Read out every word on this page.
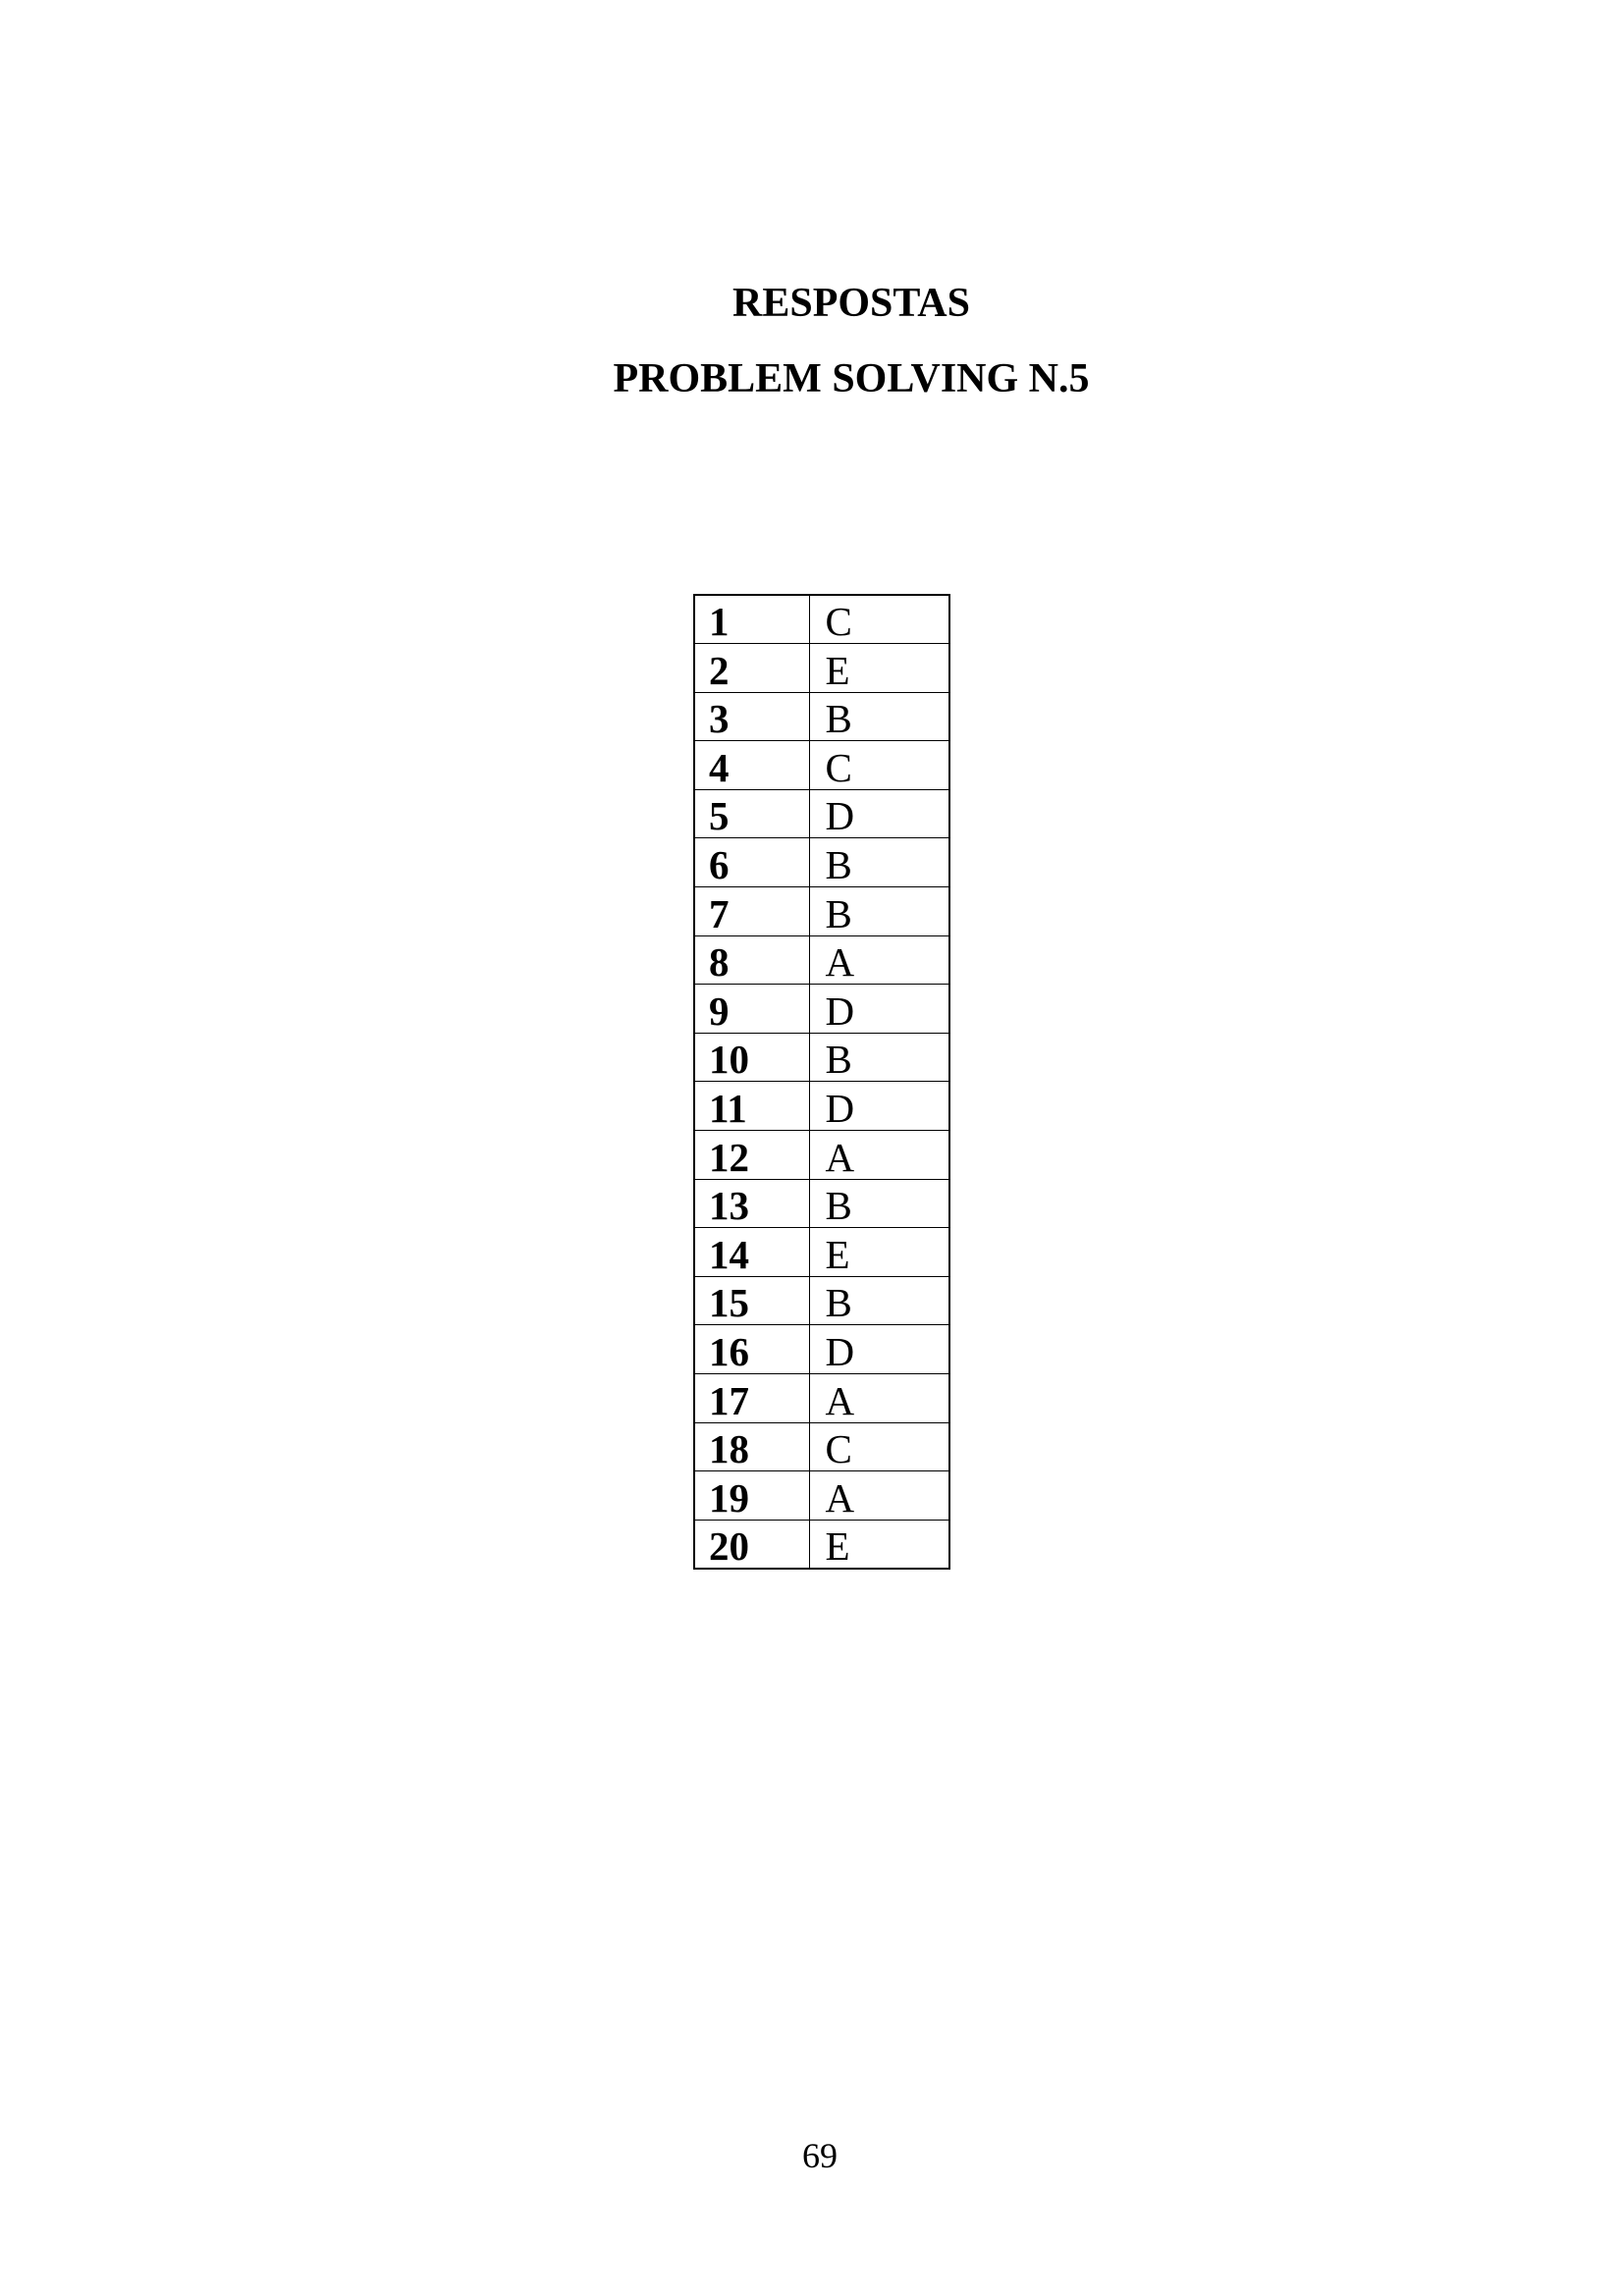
RESPOSTAS
PROBLEM SOLVING N.5
1	C
2	E
3	B
4	C
5	D
6	B
7	B
8	A
9	D
10	B
11	D
12	A
13	B
14	E
15	B
16	D
17	A
18	C
19	A
20	E
69
